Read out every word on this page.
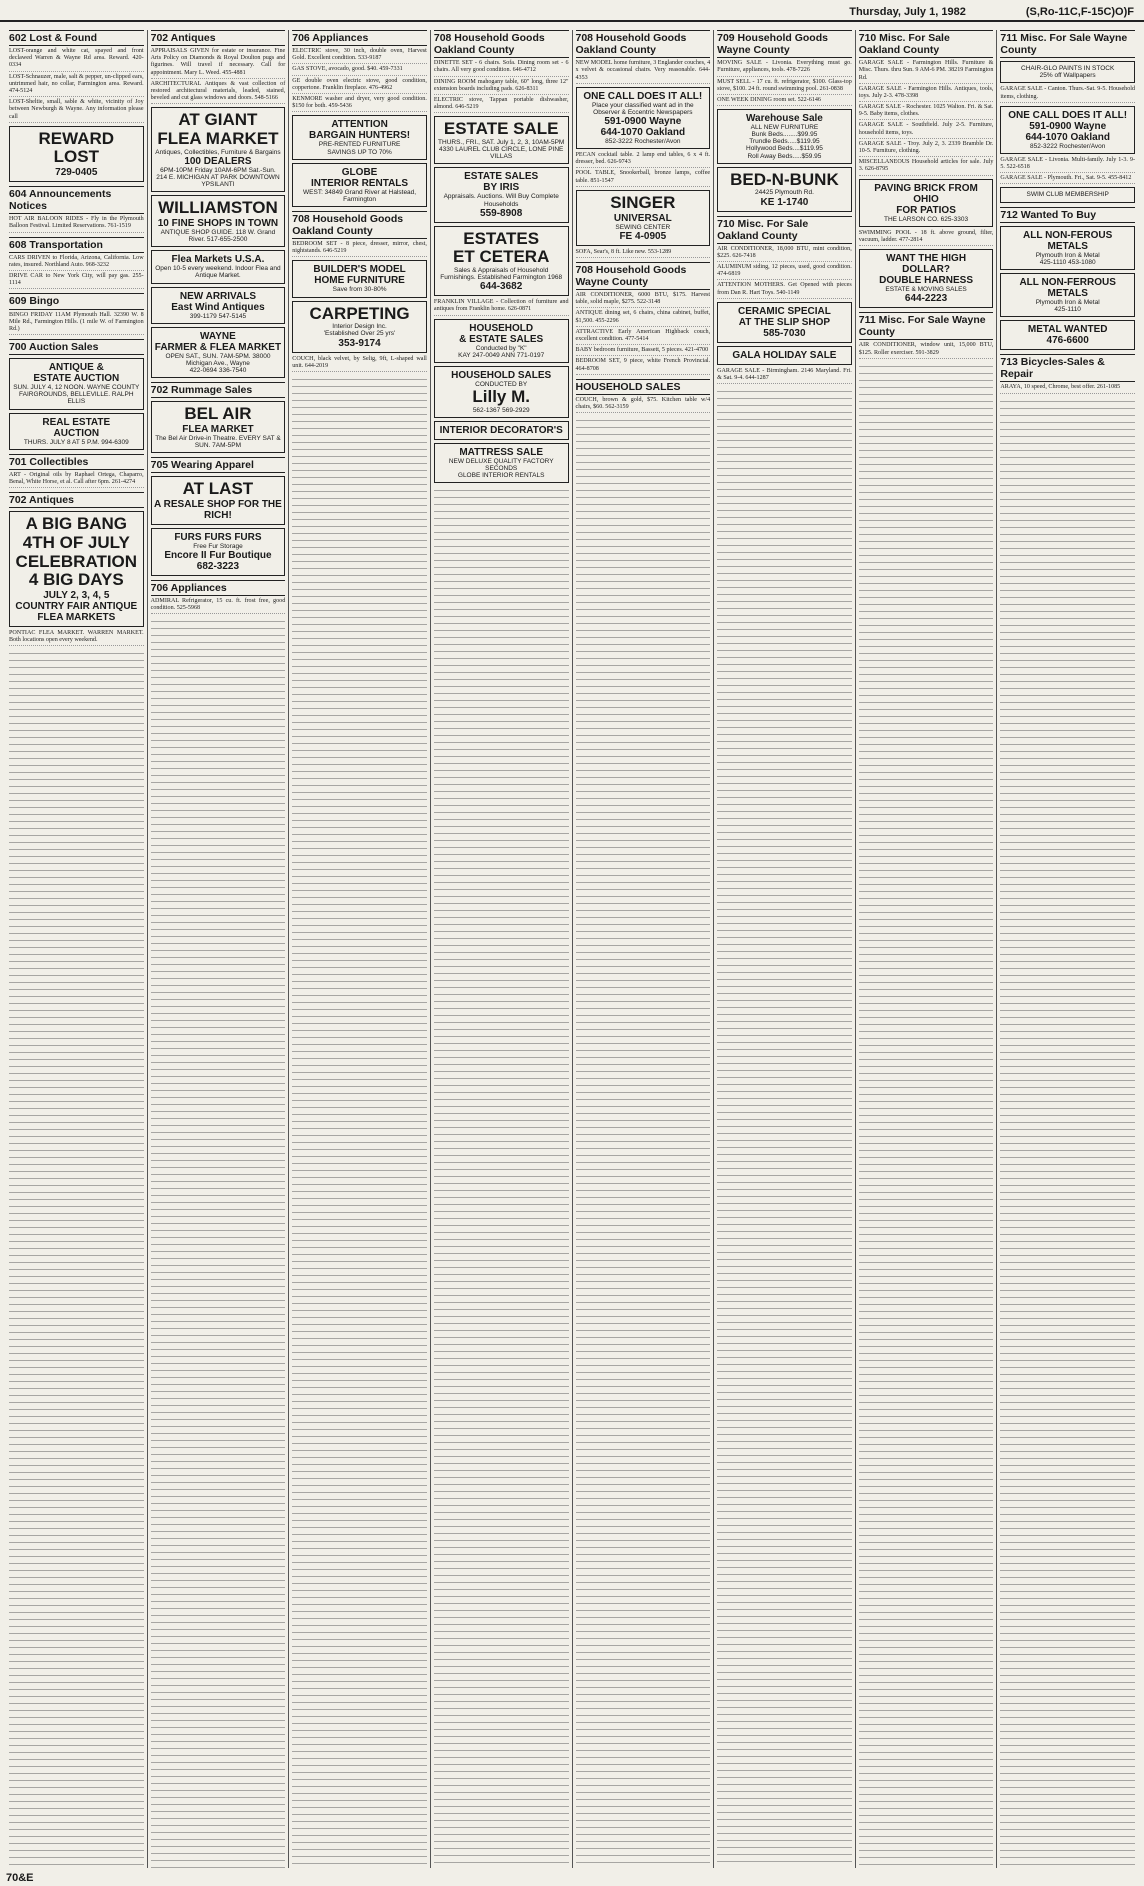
Thursday, July 1, 1982	(S,Ro-11C,F-15C)O)F
602 Lost & Found

LOST-orange and white cat, spayed and front declawed Warren & Wayne Rd area. Reward. 420-0334

LOST-Schnauzer, male, salt & pepper, un-clipped ears, untrimmed hair, no collar, Farmington area. Reward. 474-5124

LOST-Sheltie, small, sable & white, vicinity of Joy between Newburgh & Wayne. Any information please call

REWARD
LOST
729-0405
604 Announcements Notices

HOT AIR BALOON RIDES - Fly in the Plymouth Balloon Festival. Limited Reservations. 761-1519

608 Transportation

CARS DRIVEN to Florida, Arizona, California. Low rates, insured. Northland Auto. 968-3232

DRIVE CAR to New York City, will pay gas. 255-1114

609 Bingo

BINGO FRIDAY 11AM Plymouth Hall. 32390 W. 8 Mile Rd., Farmington Hills. (1 mile W. of Farmington Rd.)

700 Auction Sales
ANTIQUE &
ESTATE AUCTION
SUN. JULY 4, 12 NOON. WAYNE COUNTY FAIRGROUNDS, BELLEVILLE. RALPH ELLIS
REAL ESTATE
AUCTION
THURS. JULY 8 AT 5 P.M. 994-6309
701 Collectibles

ART - Original oils by Raphael Ortega, Chaparro, Benal, White Horse, et al. Call after 6pm. 261-4274

702 Antiques
A BIG BANG
4TH OF JULY
CELEBRATION
4 BIG DAYS
JULY 2, 3, 4, 5
COUNTRY FAIR ANTIQUE FLEA MARKETS

PONTIAC FLEA MARKET. WARREN MARKET. Both locations open every weekend.

702 Antiques

APPRAISALS GIVEN for estate or insurance. Fine Arts Policy on Diamonds & Royal Doulton pugs and figurines. Will travel if necessary. Call for appointment. Mary L. Weed. 455-4881

ARCHITECTURAL Antiques & vast collection of restored architectural materials, leaded, stained, beveled and cut glass windows and doors. 548-5166

AT GIANT
FLEA MARKET
Antiques, Collectibles, Furniture & Bargains
100 DEALERS
6PM-10PM Friday 10AM-6PM Sat.-Sun.
214 E. MICHIGAN AT PARK DOWNTOWN YPSILANTI
WILLIAMSTON
10 FINE SHOPS IN TOWN
ANTIQUE SHOP GUIDE. 118 W. Grand River. 517-655-2500
Flea Markets U.S.A.
Open 10-5 every weekend. Indoor Flea and Antique Market.
NEW ARRIVALS
East Wind Antiques
399-1179 547-5145
WAYNE
FARMER & FLEA MARKET
OPEN SAT., SUN. 7AM-5PM. 38000 Michigan Ave., Wayne
422-0694 336-7540
702 Rummage Sales
BEL AIR
FLEA MARKET
The Bel Air Drive-in Theatre. EVERY SAT & SUN. 7AM-5PM
705 Wearing Apparel
AT LAST
A RESALE SHOP FOR THE RICH!
FURS FURS FURS
Free Fur Storage
Encore II Fur Boutique
682-3223
706 Appliances

ADMIRAL Refrigerator, 15 cu. ft. frost free, good condition. 525-5968

706 Appliances

ELECTRIC stove, 30 inch, double oven, Harvest Gold. Excellent condition. 533-9187

GAS STOVE, avocado, good. $40. 459-7331

GE double oven electric stove, good condition, coppertone. Franklin fireplace. 476-4962

KENMORE washer and dryer, very good condition. $150 for both. 459-5436

ATTENTION
BARGAIN HUNTERS!
PRE-RENTED FURNITURE
SAVINGS UP TO 70%
GLOBE
INTERIOR RENTALS
WEST: 34849 Grand River at Halstead, Farmington
708 Household Goods Oakland County

BEDROOM SET - 8 piece, dresser, mirror, chest, nightstands. 646-5219

BUILDER'S MODEL
HOME FURNITURE
Save from 30-80%
CARPETING
Interior Design Inc.
'Established Over 25 yrs'
353-9174

COUCH, black velvet, by Selig, 9ft, L-shaped wall unit. 644-2019

708 Household Goods Oakland County

DINETTE SET - 6 chairs. Sofa. Dining room set - 6 chairs. All very good condition. 646-4712

DINING ROOM mahogany table, 60" long, three 12" extension boards including pads. 626-8311

ELECTRIC stove, Tappan portable dishwasher, almond. 646-5219

ESTATE SALE
THURS., FRI., SAT. July 1, 2, 3, 10AM-5PM
4330 LAUREL CLUB CIRCLE, LONE PINE VILLAS
ESTATE SALES
BY IRIS
Appraisals. Auctions. Will Buy Complete Households
559-8908
ESTATES
ET CETERA
Sales & Appraisals of Household Furnishings. Established Farmington 1968
644-3682

FRANKLIN VILLAGE - Collection of furniture and antiques from Franklin home. 626-0871

HOUSEHOLD
& ESTATE SALES
Conducted by "K"
KAY 247-0049 ANN 771-0197
HOUSEHOLD SALES
CONDUCTED BY
Lilly M.
562-1367 569-2929
INTERIOR DECORATOR'S
MATTRESS SALE
NEW DELUXE QUALITY FACTORY SECONDS
GLOBE INTERIOR RENTALS
708 Household Goods Oakland County

NEW MODEL home furniture, 3 Englander couches, 4 x velvet & occasional chairs. Very reasonable. 644-4353

ONE CALL DOES IT ALL!
Place your classified want ad in the Observer & Eccentric Newspapers
591-0900 Wayne
644-1070 Oakland
852-3222 Rochester/Avon

PECAN cocktail table. 2 lamp end tables, 6 x 4 ft. dresser, bed. 626-9743

POOL TABLE, Snookerball, bronze lamps, coffee table. 851-1547

SINGER
UNIVERSAL
SEWING CENTER
FE 4-0905

SOFA, Sear's, 8 ft. Like new. 553-1289

708 Household Goods Wayne County

AIR CONDITIONER, 6000 BTU, $175. Harvest table, solid maple, $275. 522-3148

ANTIQUE dining set, 6 chairs, china cabinet, buffet, $1,500. 455-2296

ATTRACTIVE Early American Highback couch, excellent condition. 477-5414

BABY bedroom furniture, Bassett, 5 pieces. 421-4700

BEDROOM SET, 9 piece, white French Provincial. 464-8708

HOUSEHOLD SALES

COUCH, brown & gold, $75. Kitchen table w/4 chairs, $60. 562-3159

709 Household Goods Wayne County

MOVING SALE - Livonia. Everything must go. Furniture, appliances, tools. 478-7226

MUST SELL - 17 cu. ft. refrigerator, $100. Glass-top stove, $100. 24 ft. round swimming pool. 261-0838

ONE WEEK DINING room set. 522-6146

Warehouse Sale
ALL NEW FURNITURE
Bunk Beds........$99.95
Trundle Beds.....$119.95
Hollywood Beds....$119.95
Roll Away Beds.....$59.95
BED-N-BUNK
24425 Plymouth Rd.
KE 1-1740
710 Misc. For Sale Oakland County

AIR CONDITIONER, 18,000 BTU, mint condition, $225. 626-7418

ALUMINUM siding, 12 pieces, used, good condition. 474-6819

ATTENTION MOTHERS. Get Opened with pieces from Dan R. Hart Toys. 540-1149

CERAMIC SPECIAL
AT THE SLIP SHOP
585-7030
GALA HOLIDAY SALE

GARAGE SALE - Birmingham. 2146 Maryland. Fri. & Sat. 9-4. 644-1287

710 Misc. For Sale Oakland County

GARAGE SALE - Farmington Hills. Furniture & Misc. Thurs. thru Sun. 9 AM-6 PM. 38219 Farmington Rd.

GARAGE SALE - Farmington Hills. Antiques, tools, toys. July 2-3. 478-3398

GARAGE SALE - Rochester. 1025 Walton. Fri. & Sat. 9-5. Baby items, clothes.

GARAGE SALE - Southfield. July 2-5. Furniture, household items, toys.

GARAGE SALE - Troy. July 2, 3. 2339 Bramble Dr. 10-5. Furniture, clothing.

MISCELLANEOUS Household articles for sale. July 3. 626-8795

PAVING BRICK FROM OHIO
FOR PATIOS
THE LARSON CO. 625-3303

SWIMMING POOL - 18 ft. above ground, filter, vacuum, ladder. 477-2814

WANT THE HIGH DOLLAR?
DOUBLE HARNESS
ESTATE & MOVING SALES
644-2223
711 Misc. For Sale Wayne County

AIR CONDITIONER, window unit, 15,000 BTU, $125. Roller exerciser. 591-3829

711 Misc. For Sale Wayne County
CHAIR-GLO PAINTS IN STOCK
25% off Wallpapers

GARAGE SALE - Canton. Thurs.-Sat. 9-5. Household items, clothing.

ONE CALL DOES IT ALL!
591-0900 Wayne
644-1070 Oakland
852-3222 Rochester/Avon

GARAGE SALE - Livonia. Multi-family. July 1-3. 9-5. 522-6518

GARAGE SALE - Plymouth. Fri., Sat. 9-5. 455-8412

SWIM CLUB MEMBERSHIP
712 Wanted To Buy
ALL NON-FEROUS
METALS
Plymouth Iron & Metal
425-1110 453-1080
ALL NON-FERROUS
METALS
Plymouth Iron & Metal
425-1110
METAL WANTED
476-6600
713 Bicycles-Sales & Repair

ARAYA, 10 speed, Chrome, best offer. 261-1085

70&E
